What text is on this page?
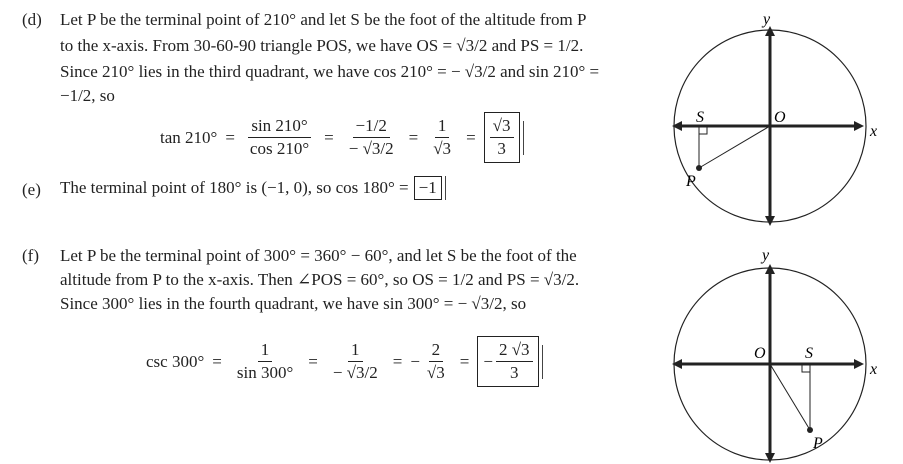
(d) Let P be the terminal point of 210° and let S be the foot of the altitude from P
to the x-axis. From 30-60-90 triangle POS, we have OS = √3/2 and PS = 1/2.
Since 210° lies in the third quadrant, we have cos 210° = − √3/2 and sin 210° =
−1/2, so
$\tan 210^\circ = \frac{\sin 210^\circ}{\cos 210^\circ} = \frac{-1/2}{- √3/2} = \frac{1}{√3} = \frac{√3}{3}$
(e) The terminal point of 180° is (−1, 0), so cos 180° = −1
(f) Let P be the terminal point of 300° = 360° − 60°, and let S be the foot of the
altitude from P to the x-axis. Then ∠POS = 60°, so OS = 1/2 and PS = √3/2.
Since 300° lies in the fourth quadrant, we have sin 300° = − √3/2, so
$\csc 300^\circ = \frac{1}{\sin 300^\circ} = \frac{1}{- √3/2}$ = − $\frac{2}{√3}$ = − $\frac{2 √3}{3}$
y
x
O
S
P
y
x
O S
P
